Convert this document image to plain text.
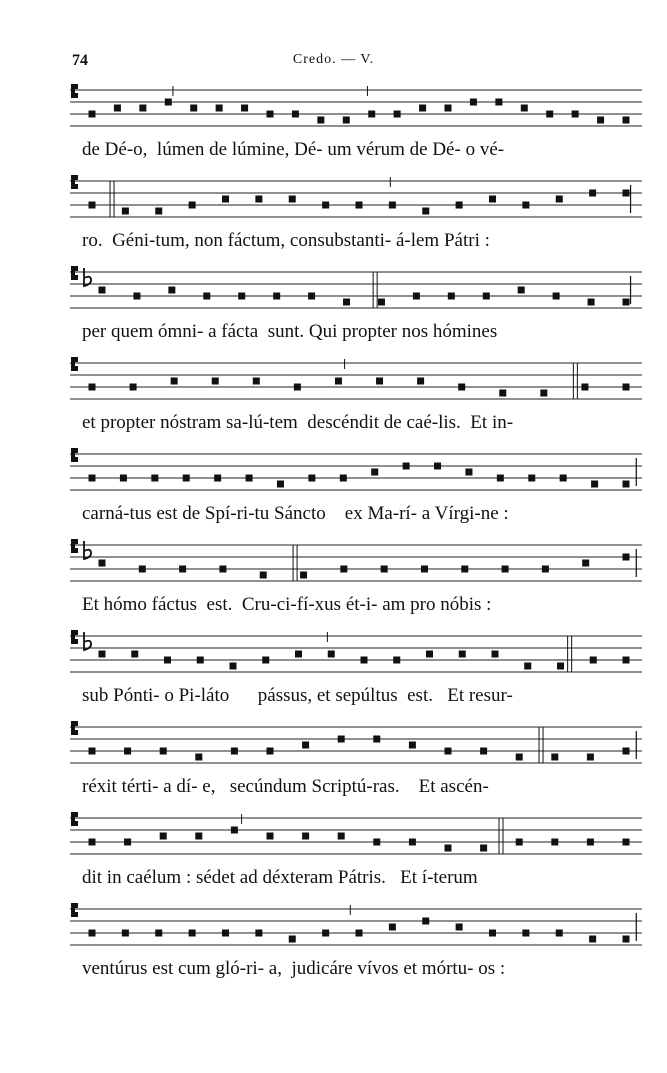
74	Credo. — V.
de Dé-o,  lúmen de lúmine, Dé- um vérum de Dé- o vé-
ro.  Géni-tum, non fáctum, consubstanti- á-lem Pátri :
per quem ómni- a fácta  sunt. Qui propter nos hómines
et propter nóstram sa-lú-tem  descéndit de caé-lis.  Et in-
carná-tus est de Spí-ri-tu Sáncto    ex Ma-rí- a Vírgi-ne :
Et hómo fáctus  est.  Cru-ci-fí-xus ét-i- am pro nóbis :
sub Pónti- o Pi-láto      pássus, et sepúltus  est.   Et resur-
réxit térti- a dí- e,   secúndum Scriptú-ras.    Et ascén-
dit in caélum : sédet ad déxteram Pátris.   Et í-terum
ventúrus est cum gló-ri- a,  judicáre vívos et mórtu- os :
